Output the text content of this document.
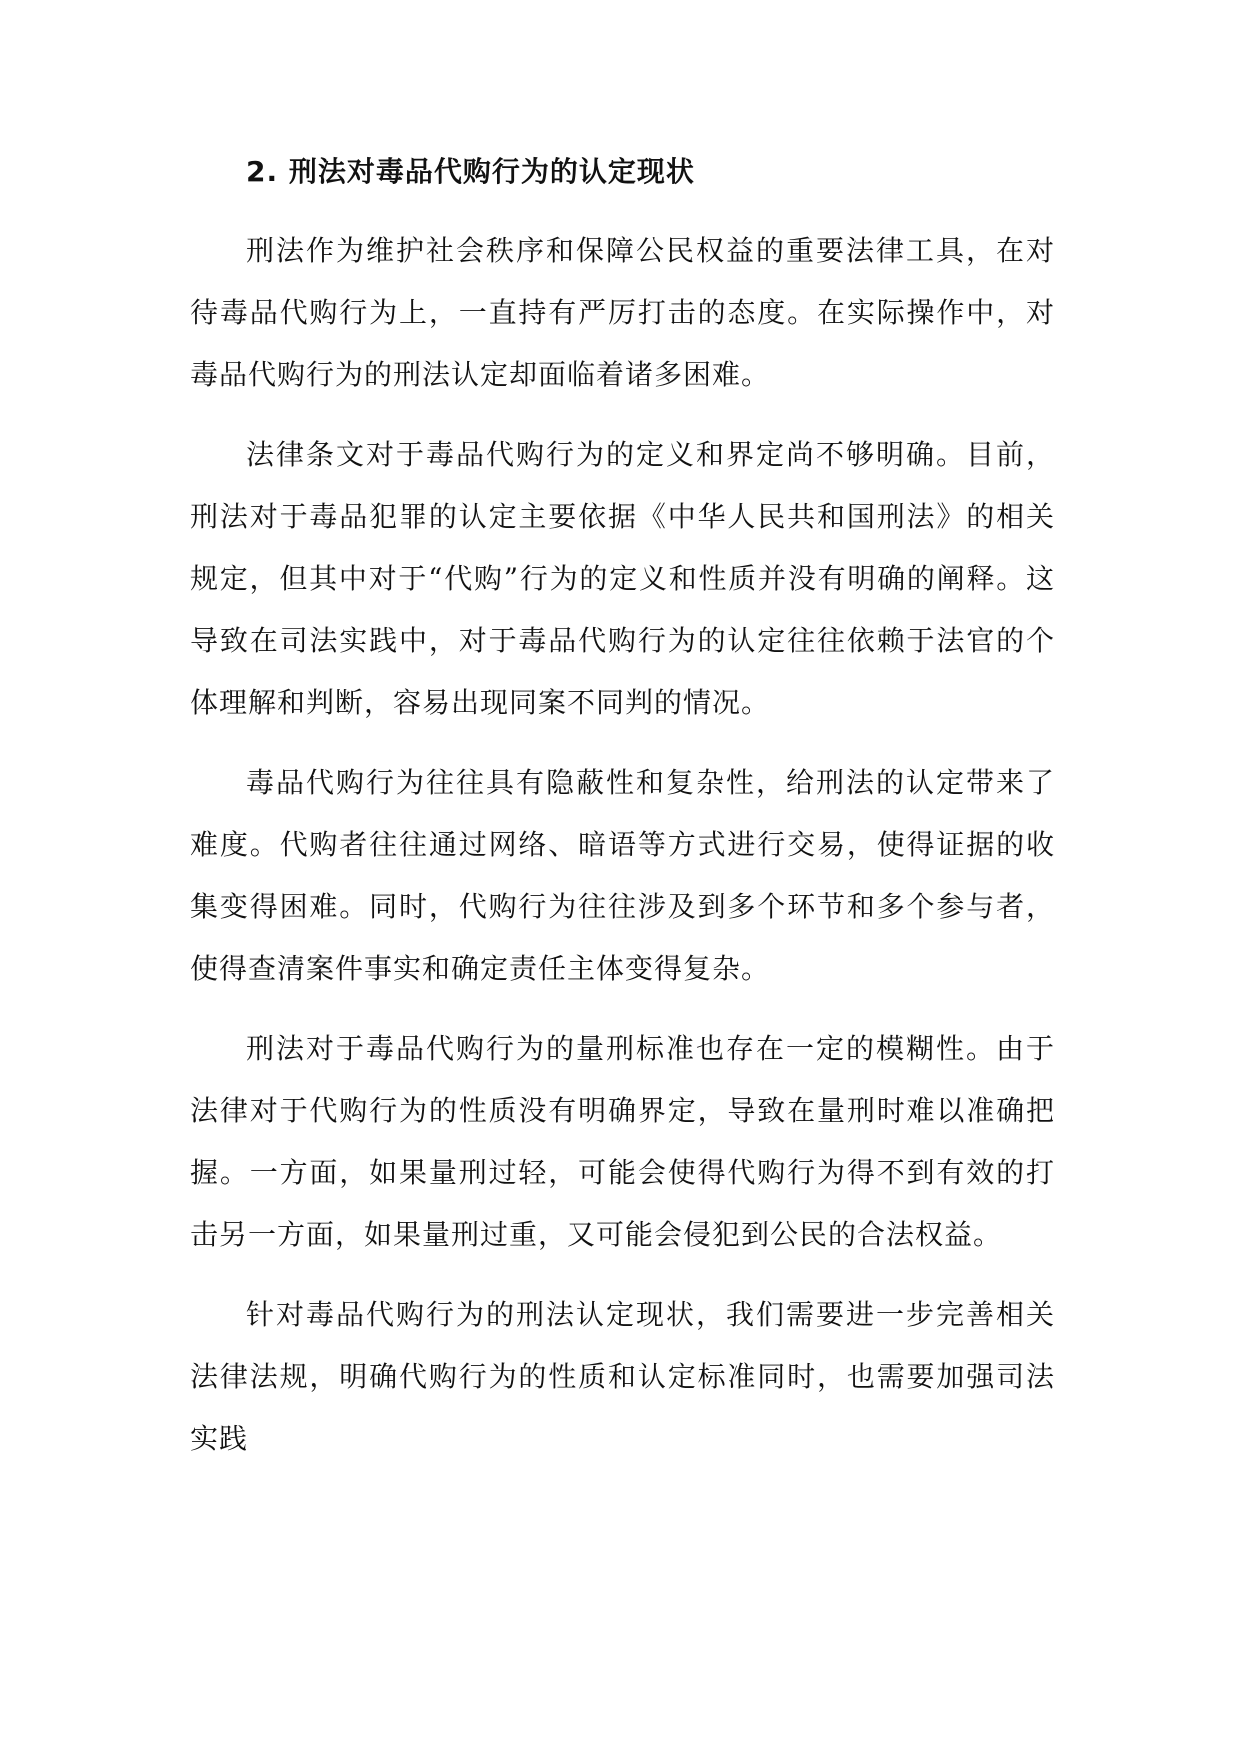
2. 刑法对毒品代购行为的认定现状

刑法作为维护社会秩序和保障公民权益的重要法律工具，在对待毒品代购行为上，一直持有严厉打击的态度。在实际操作中，对毒品代购行为的刑法认定却面临着诸多困难。

法律条文对于毒品代购行为的定义和界定尚不够明确。目前，刑法对于毒品犯罪的认定主要依据《中华人民共和国刑法》的相关规定，但其中对于“代购”行为的定义和性质并没有明确的阐释。这导致在司法实践中，对于毒品代购行为的认定往往依赖于法官的个体理解和判断，容易出现同案不同判的情况。

毒品代购行为往往具有隐蔽性和复杂性，给刑法的认定带来了难度。代购者往往通过网络、暗语等方式进行交易，使得证据的收集变得困难。同时，代购行为往往涉及到多个环节和多个参与者，使得查清案件事实和确定责任主体变得复杂。

刑法对于毒品代购行为的量刑标准也存在一定的模糊性。由于法律对于代购行为的性质没有明确界定，导致在量刑时难以准确把握。一方面，如果量刑过轻，可能会使得代购行为得不到有效的打击另一方面，如果量刑过重，又可能会侵犯到公民的合法权益。

针对毒品代购行为的刑法认定现状，我们需要进一步完善相关法律法规，明确代购行为的性质和认定标准同时，也需要加强司法实践
